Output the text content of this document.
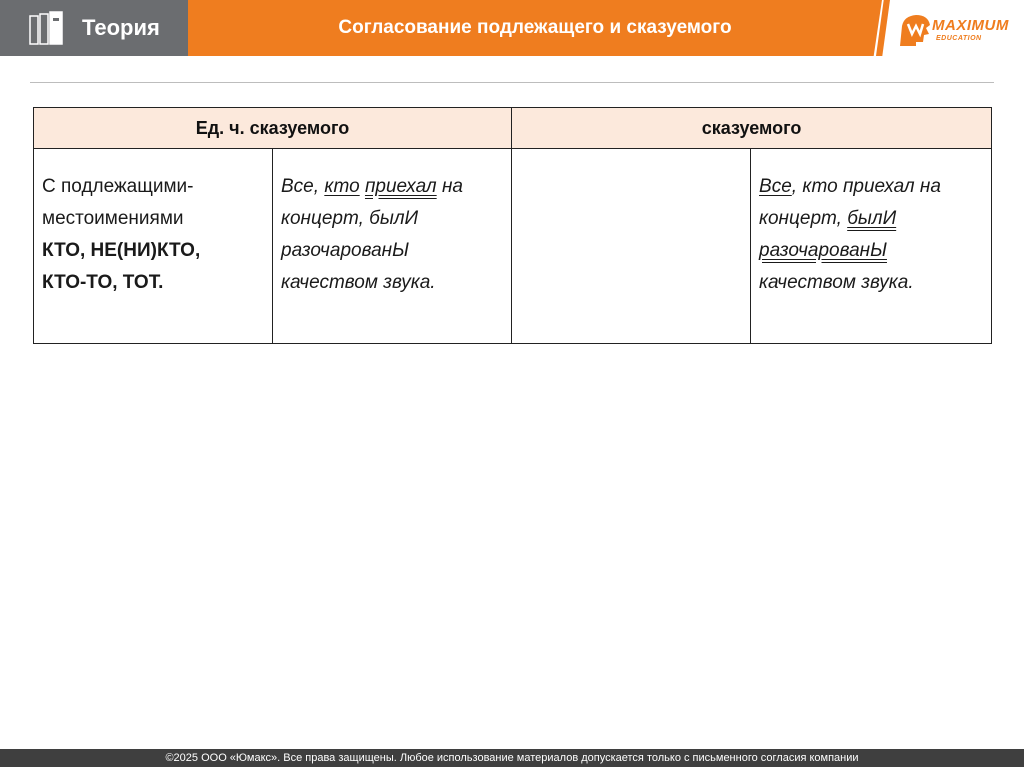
Теория	Согласование подлежащего и сказуемого	MAXIMUM
EDUCATION
Ед. ч. сказуемого		сказуемого	
С подлежащими-
местоимениями
КТО, НЕ(НИ)КТО,
КТО-ТО, ТОТ.	Все, кто приехал на
концерт, былИ
разочарованЫ
качеством звука.		Все, кто приехал на
концерт, былИ
разочарованЫ
качеством звука.
©2025 ООО «Юмакс». Все права защищены. Любое использование материалов допускается только с письменного согласия компании
